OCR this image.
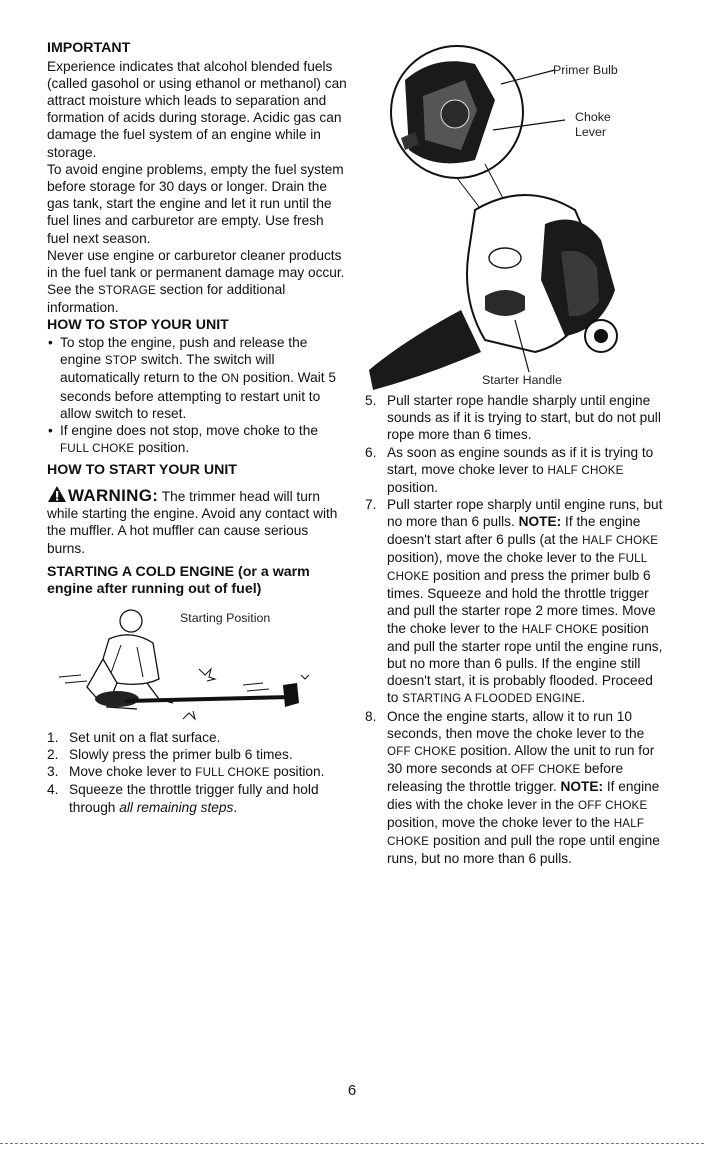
IMPORTANT

Experience indicates that alcohol blended fuels (called gasohol or using ethanol or methanol) can attract moisture which leads to separation and formation of acids during storage. Acidic gas can damage the fuel system of an engine while in storage.

To avoid engine problems, empty the fuel system before storage for 30 days or longer. Drain the gas tank, start the engine and let it run until the fuel lines and carburetor are empty. Use fresh fuel next season.

Never use engine or carburetor cleaner products in the fuel tank or permanent damage may occur.

See the STORAGE section for additional information.

HOW TO STOP YOUR UNIT
• To stop the engine, push and release the engine STOP switch. The switch will automatically return to the ON position. Wait 5 seconds before attempting to restart unit to allow switch to reset.
• If engine does not stop, move choke to the FULL CHOKE position.
HOW TO START YOUR UNIT
WARNING: The trimmer head will turn while starting the engine. Avoid any contact with the muffler. A hot muffler can cause serious burns.
STARTING A COLD ENGINE (or a warm engine after running out of fuel)
Starting Position
1. Set unit on a flat surface.
2. Slowly press the primer bulb 6 times.
3. Move choke lever to FULL CHOKE position.
4. Squeeze the throttle trigger fully and hold through all remaining steps.
Primer Bulb
Choke
Lever
Starter Handle
5. Pull starter rope handle sharply until engine sounds as if it is trying to start, but do not pull rope more than 6 times.
6. As soon as engine sounds as if it is trying to start, move choke lever to HALF CHOKE position.
7. Pull starter rope sharply until engine runs, but no more than 6 pulls. NOTE: If the engine doesn't start after 6 pulls (at the HALF CHOKE position), move the choke lever to the FULL CHOKE position and press the primer bulb 6 times. Squeeze and hold the throttle trigger and pull the starter rope 2 more times. Move the choke lever to the HALF CHOKE position and pull the starter rope until the engine runs, but no more than 6 pulls. If the engine still doesn't start, it is probably flooded. Proceed to STARTING A FLOODED ENGINE.
8. Once the engine starts, allow it to run 10 seconds, then move the choke lever to the OFF CHOKE position. Allow the unit to run for 30 more seconds at OFF CHOKE before releasing the throttle trigger. NOTE: If engine dies with the choke lever in the OFF CHOKE position, move the choke lever to the HALF CHOKE position and pull the rope until engine runs, but no more than 6 pulls.
6
